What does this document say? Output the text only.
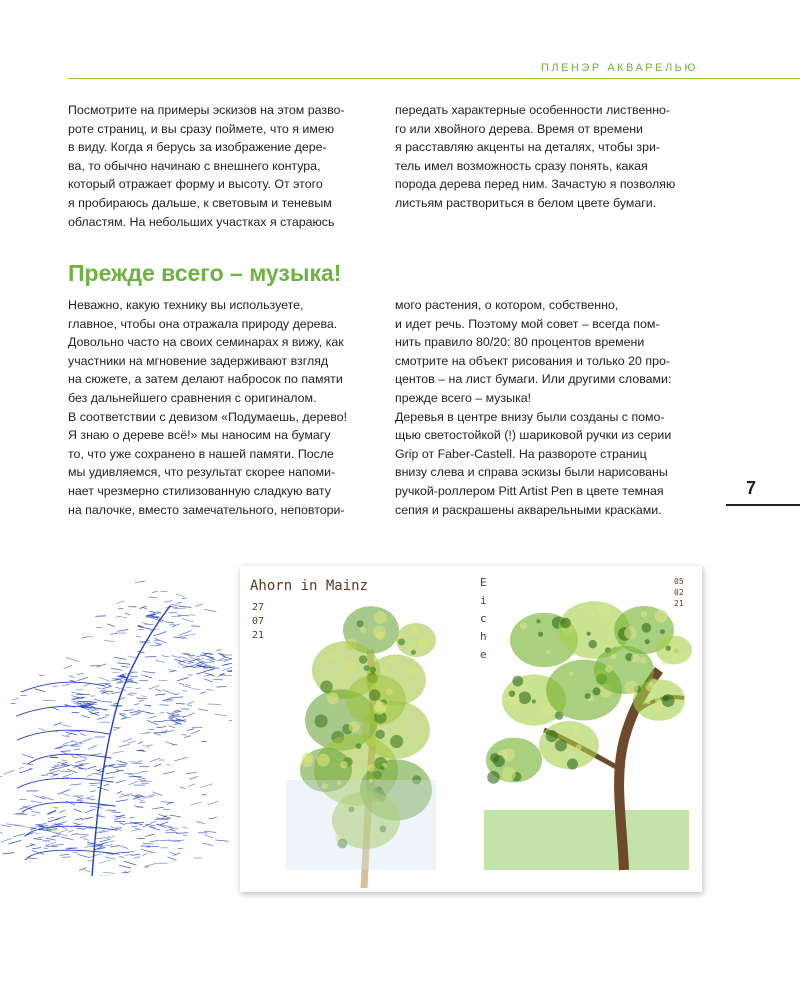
ПЛЕНЭР АКВАРЕЛЬЮ

Посмотрите на примеры эскизов на этом разво-
роте страниц, и вы сразу поймете, что я имею
в виду. Когда я берусь за изображение дере-
ва, то обычно начинаю с внешнего контура,
который отражает форму и высоту. От этого
я пробираюсь дальше, к световым и теневым
областям. На небольших участках я стараюсь

передать характерные особенности лиственно-
го или хвойного дерева. Время от времени
я расставляю акценты на деталях, чтобы зри-
тель имел возможность сразу понять, какая
порода дерева перед ним. Зачастую я позволяю
листьям раствориться в белом цвете бумаги.

Прежде всего – музыка!

Неважно, какую технику вы используете,
главное, чтобы она отражала природу дерева.
Довольно часто на своих семинарах я вижу, как
участники на мгновение задерживают взгляд
на сюжете, а затем делают набросок по памяти
без дальнейшего сравнения с оригиналом.
В соответствии с девизом «Подумаешь, дерево!
Я знаю о дереве всё!» мы наносим на бумагу
то, что уже сохранено в нашей памяти. После
мы удивляемся, что результат скорее напоми-
нает чрезмерно стилизованную сладкую вату
на палочке, вместо замечательного, неповтори-

мого растения, о котором, собственно,
и идет речь. Поэтому мой совет – всегда пом-
нить правило 80/20: 80 процентов времени
смотрите на объект рисования и только 20 про-
центов – на лист бумаги. Или другими словами:
прежде всего – музыка!
Деревья в центре внизу были созданы с помо-
щью светостойкой (!) шариковой ручки из серии
Grip от Faber-Castell. На развороте страниц
внизу слева и справа эскизы были нарисованы
ручкой-роллером Pitt Artist Pen в цвете темная
сепия и раскрашены акварельными красками.

7
Ahorn in Mainz
27
07
21
E
i
c
h
e
05
02
21
